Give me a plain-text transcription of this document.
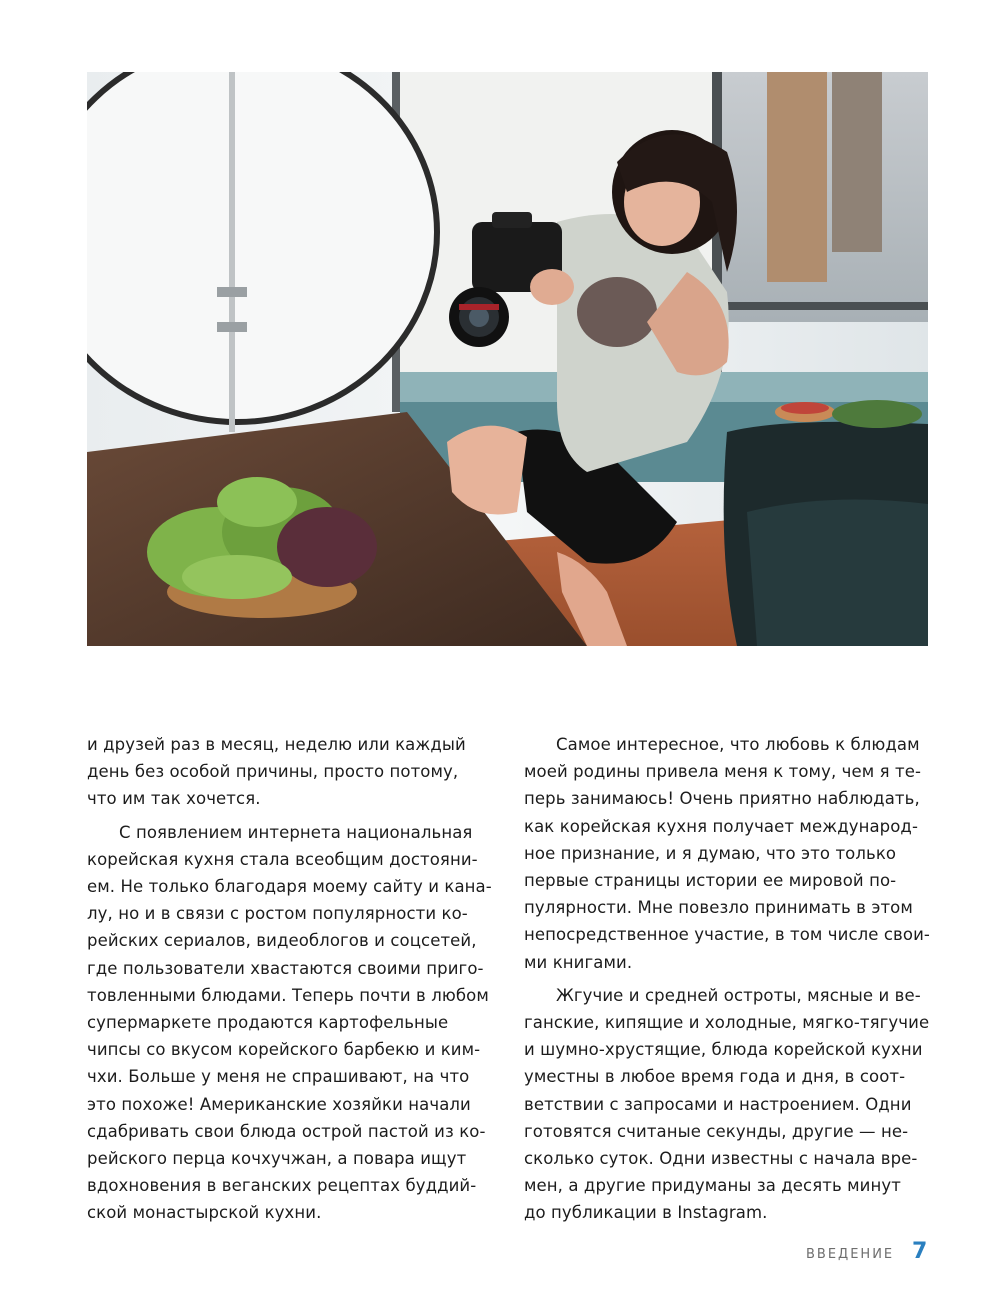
и друзей раз в месяц, неделю или каждый
день без особой причины, просто потому,
что им так хочется.

С появлением интернета национальная
корейская кухня стала всеобщим достояни-
ем. Не только благодаря моему сайту и кана-
лу, но и в связи с ростом популярности ко-
рейских сериалов, видеоблогов и соцсетей,
где пользователи хвастаются своими приго-
товленными блюдами. Теперь почти в любом
супермаркете продаются картофельные
чипсы со вкусом корейского барбекю и ким-
чхи. Больше у меня не спрашивают, на что
это похоже! Американские хозяйки начали
сдабривать свои блюда острой пастой из ко-
рейского перца кочхучжан, а повара ищут
вдохновения в веганских рецептах буддий-
ской монастырской кухни.

Самое интересное, что любовь к блюдам
моей родины привела меня к тому, чем я те-
перь занимаюсь! Очень приятно наблюдать,
как корейская кухня получает международ-
ное признание, и я думаю, что это только
первые страницы истории ее мировой по-
пулярности. Мне повезло принимать в этом
непосредственное участие, в том числе свои-
ми книгами.

Жгучие и средней остроты, мясные и ве-
ганские, кипящие и холодные, мягко-тягучие
и шумно-хрустящие, блюда корейской кухни
уместны в любое время года и дня, в соот-
ветствии с запросами и настроением. Одни
готовятся считаные секунды, другие — не-
сколько суток. Одни известны с начала вре-
мен, а другие придуманы за десять минут
до публикации в Instagram.

ВВЕДЕНИЕ 7
